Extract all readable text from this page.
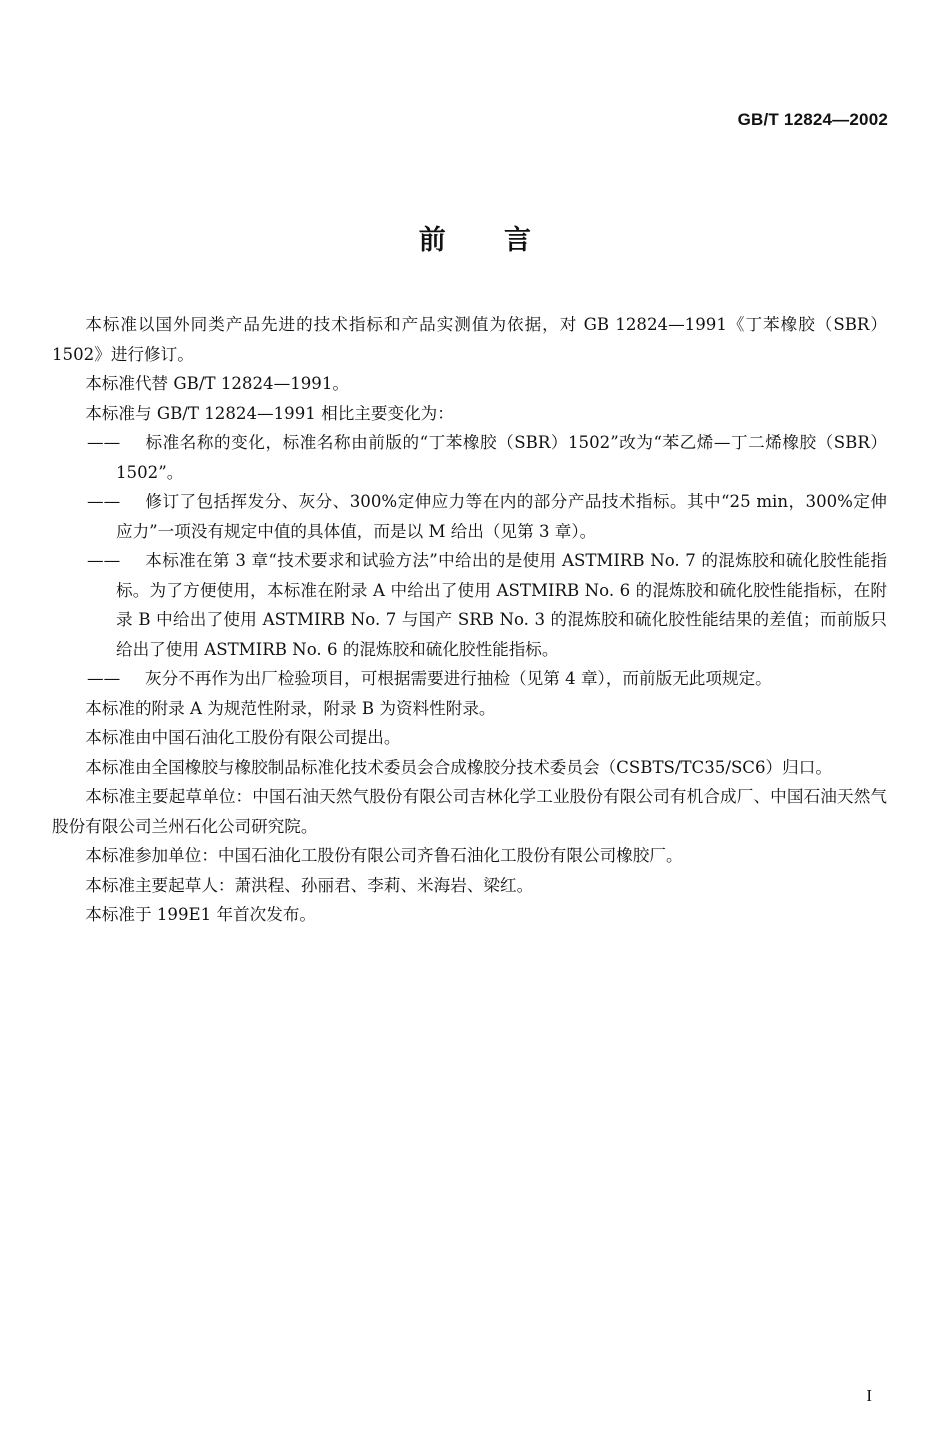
GB/T 12824—2002
前 言

本标准以国外同类产品先进的技术指标和产品实测值为依据，对 GB 12824—1991《丁苯橡胶（SBR）1502》进行修订。

本标准代替 GB/T 12824—1991。

本标准与 GB/T 12824—1991 相比主要变化为：

—— 标准名称的变化，标准名称由前版的“丁苯橡胶（SBR）1502”改为“苯乙烯—丁二烯橡胶（SBR）1502”。
—— 修订了包括挥发分、灰分、300%定伸应力等在内的部分产品技术指标。其中“25 min，300%定伸应力”一项没有规定中值的具体值，而是以 M 给出（见第 3 章）。
—— 本标准在第 3 章“技术要求和试验方法”中给出的是使用 ASTMIRB No. 7 的混炼胶和硫化胶性能指标。为了方便使用，本标准在附录 A 中给出了使用 ASTMIRB No. 6 的混炼胶和硫化胶性能指标，在附录 B 中给出了使用 ASTMIRB No. 7 与国产 SRB No. 3 的混炼胶和硫化胶性能结果的差值；而前版只给出了使用 ASTMIRB No. 6 的混炼胶和硫化胶性能指标。
—— 灰分不再作为出厂检验项目，可根据需要进行抽检（见第 4 章），而前版无此项规定。

本标准的附录 A 为规范性附录，附录 B 为资料性附录。

本标准由中国石油化工股份有限公司提出。

本标准由全国橡胶与橡胶制品标准化技术委员会合成橡胶分技术委员会（CSBTS/TC35/SC6）归口。

本标准主要起草单位：中国石油天然气股份有限公司吉林化学工业股份有限公司有机合成厂、中国石油天然气股份有限公司兰州石化公司研究院。

本标准参加单位：中国石油化工股份有限公司齐鲁石油化工股份有限公司橡胶厂。

本标准主要起草人：萧洪程、孙丽君、李莉、米海岩、梁红。

本标准于 199E1 年首次发布。

I
